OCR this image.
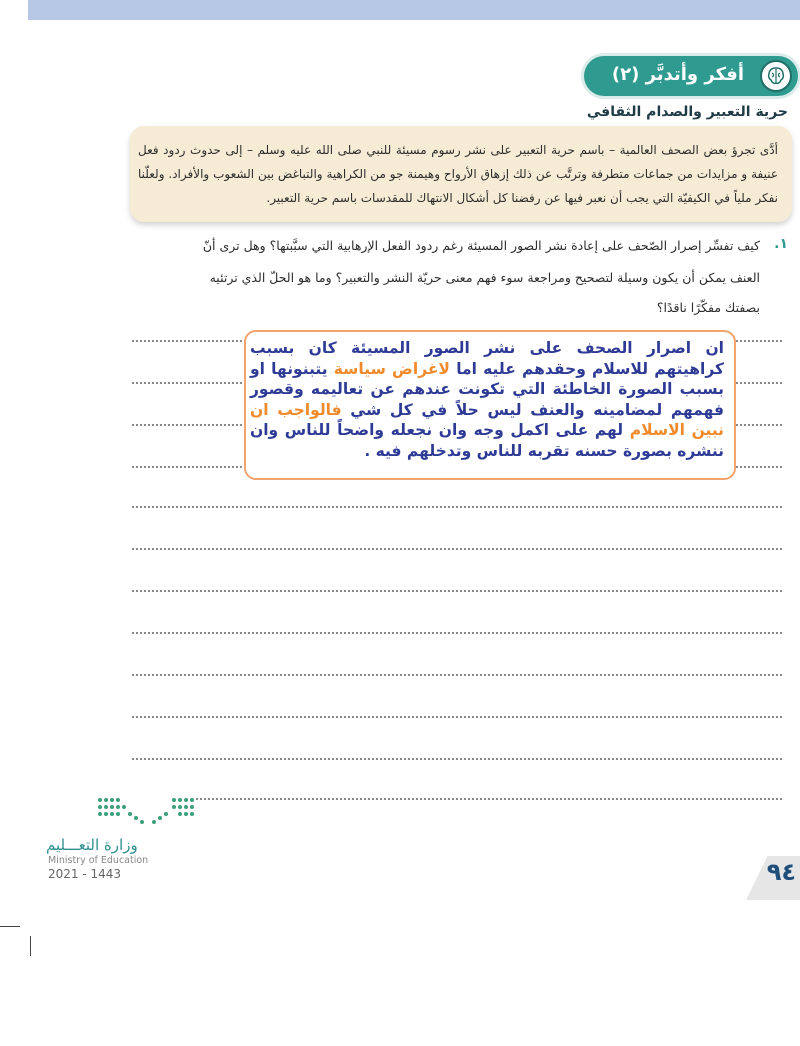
أفكر وأتدبَّر (٢)
حرية التعبير والصدام الثقافي
أدَّى تجرؤ بعض الصحف العالمية – باسم حرية التعبير على نشر رسوم مسيئة للنبي صلى الله عليه وسلم – إلى حدوث ردود فعل عنيفة و مزايدات من جماعات متطرفة وترتَّب عن ذلك إزهاق الأرواح وهيمنة جو من الكراهية والتباغض بين الشعوب والأفراد. ولعلّنا نفكر ملياً في الكيفيّة التي يجب أن نعبر فيها عن رفضنا كل أشكال الانتهاك للمقدسات باسم حرية التعبير.
١.
كيف تفسِّر إصرار الصّحف على إعادة نشر الصور المسيئة رغم ردود الفعل الإرهابية التي سبَّبتها؟ وهل ترى أنّ
العنف يمكن أن يكون وسيلة لتصحيح ومراجعة سوء فهم معنى حريّة النشر والتعبير؟ وما هو الحلّ الذي ترتئيه
بصفتك مفكّرًا ناقدًا؟
ان اصرار الصحف على نشر الصور المسيئة كان بسبب كراهيتهم للاسلام وحقدهم عليه اما لاغراض سياسة يتبنونها او بسبب الصورة الخاطئة التي تكونت عندهم عن تعاليمه وقصور فهمهم لمضامينه والعنف ليس حلاً في كل شي فالواجب ان نبين الاسلام لهم على اكمل وجه وان نجعله واضحاً للناس وان ننشره بصورة حسنه تقربه للناس وتدخلهم فيه .
وزارة التعـــليم
Ministry of Education
2021 - 1443	٩٤
